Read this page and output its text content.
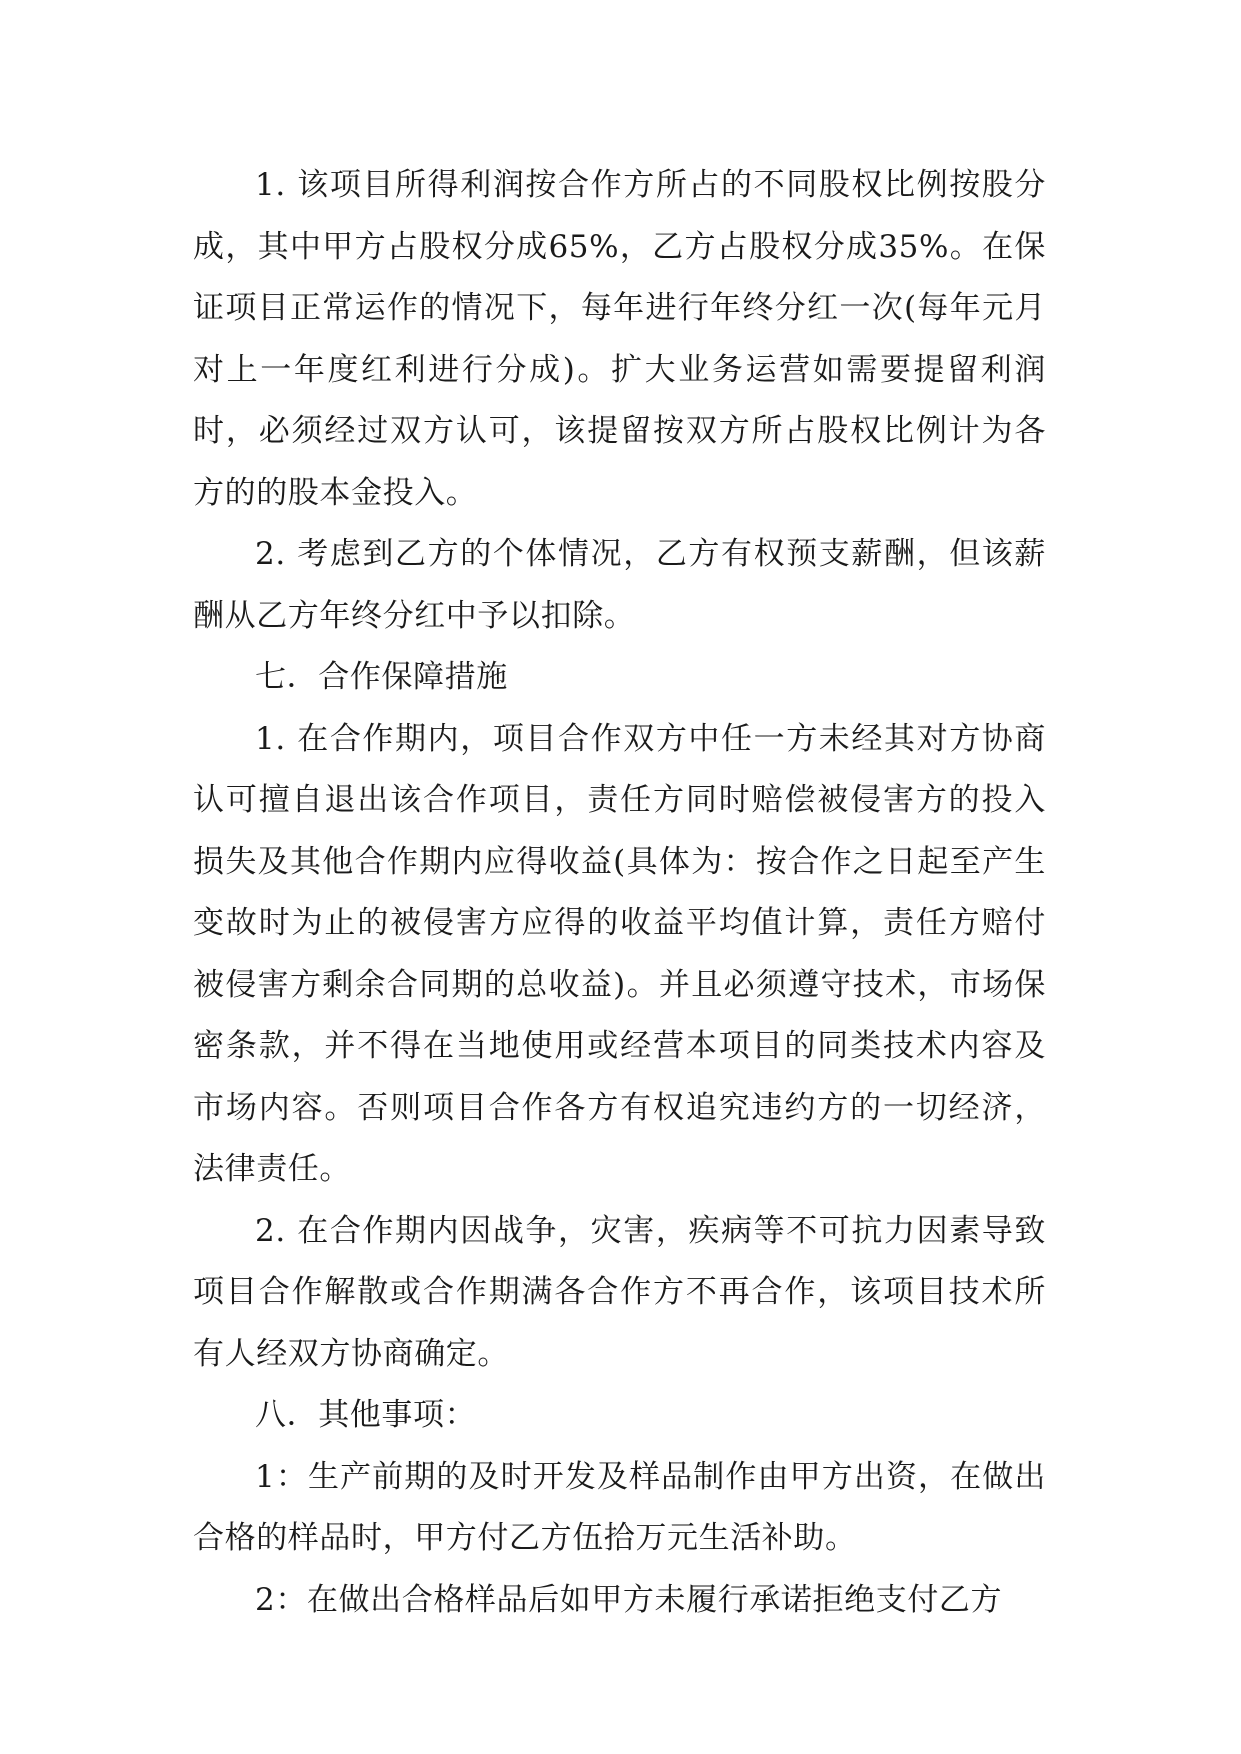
1. 该项目所得利润按合作方所占的不同股权比例按股分成，其中甲方占股权分成65%，乙方占股权分成35%。在保证项目正常运作的情况下，每年进行年终分红一次(每年元月对上一年度红利进行分成)。扩大业务运营如需要提留利润时，必须经过双方认可，该提留按双方所占股权比例计为各方的的股本金投入。

2. 考虑到乙方的个体情况，乙方有权预支薪酬，但该薪酬从乙方年终分红中予以扣除。

七．合作保障措施

1. 在合作期内，项目合作双方中任一方未经其对方协商认可擅自退出该合作项目，责任方同时赔偿被侵害方的投入损失及其他合作期内应得收益(具体为：按合作之日起至产生变故时为止的被侵害方应得的收益平均值计算，责任方赔付被侵害方剩余合同期的总收益)。并且必须遵守技术，市场保密条款，并不得在当地使用或经营本项目的同类技术内容及市场内容。否则项目合作各方有权追究违约方的一切经济，法律责任。

2. 在合作期内因战争，灾害，疾病等不可抗力因素导致项目合作解散或合作期满各合作方不再合作，该项目技术所有人经双方协商确定。

八．其他事项：

1：生产前期的及时开发及样品制作由甲方出资，在做出合格的样品时，甲方付乙方伍拾万元生活补助。

2：在做出合格样品后如甲方未履行承诺拒绝支付乙方
